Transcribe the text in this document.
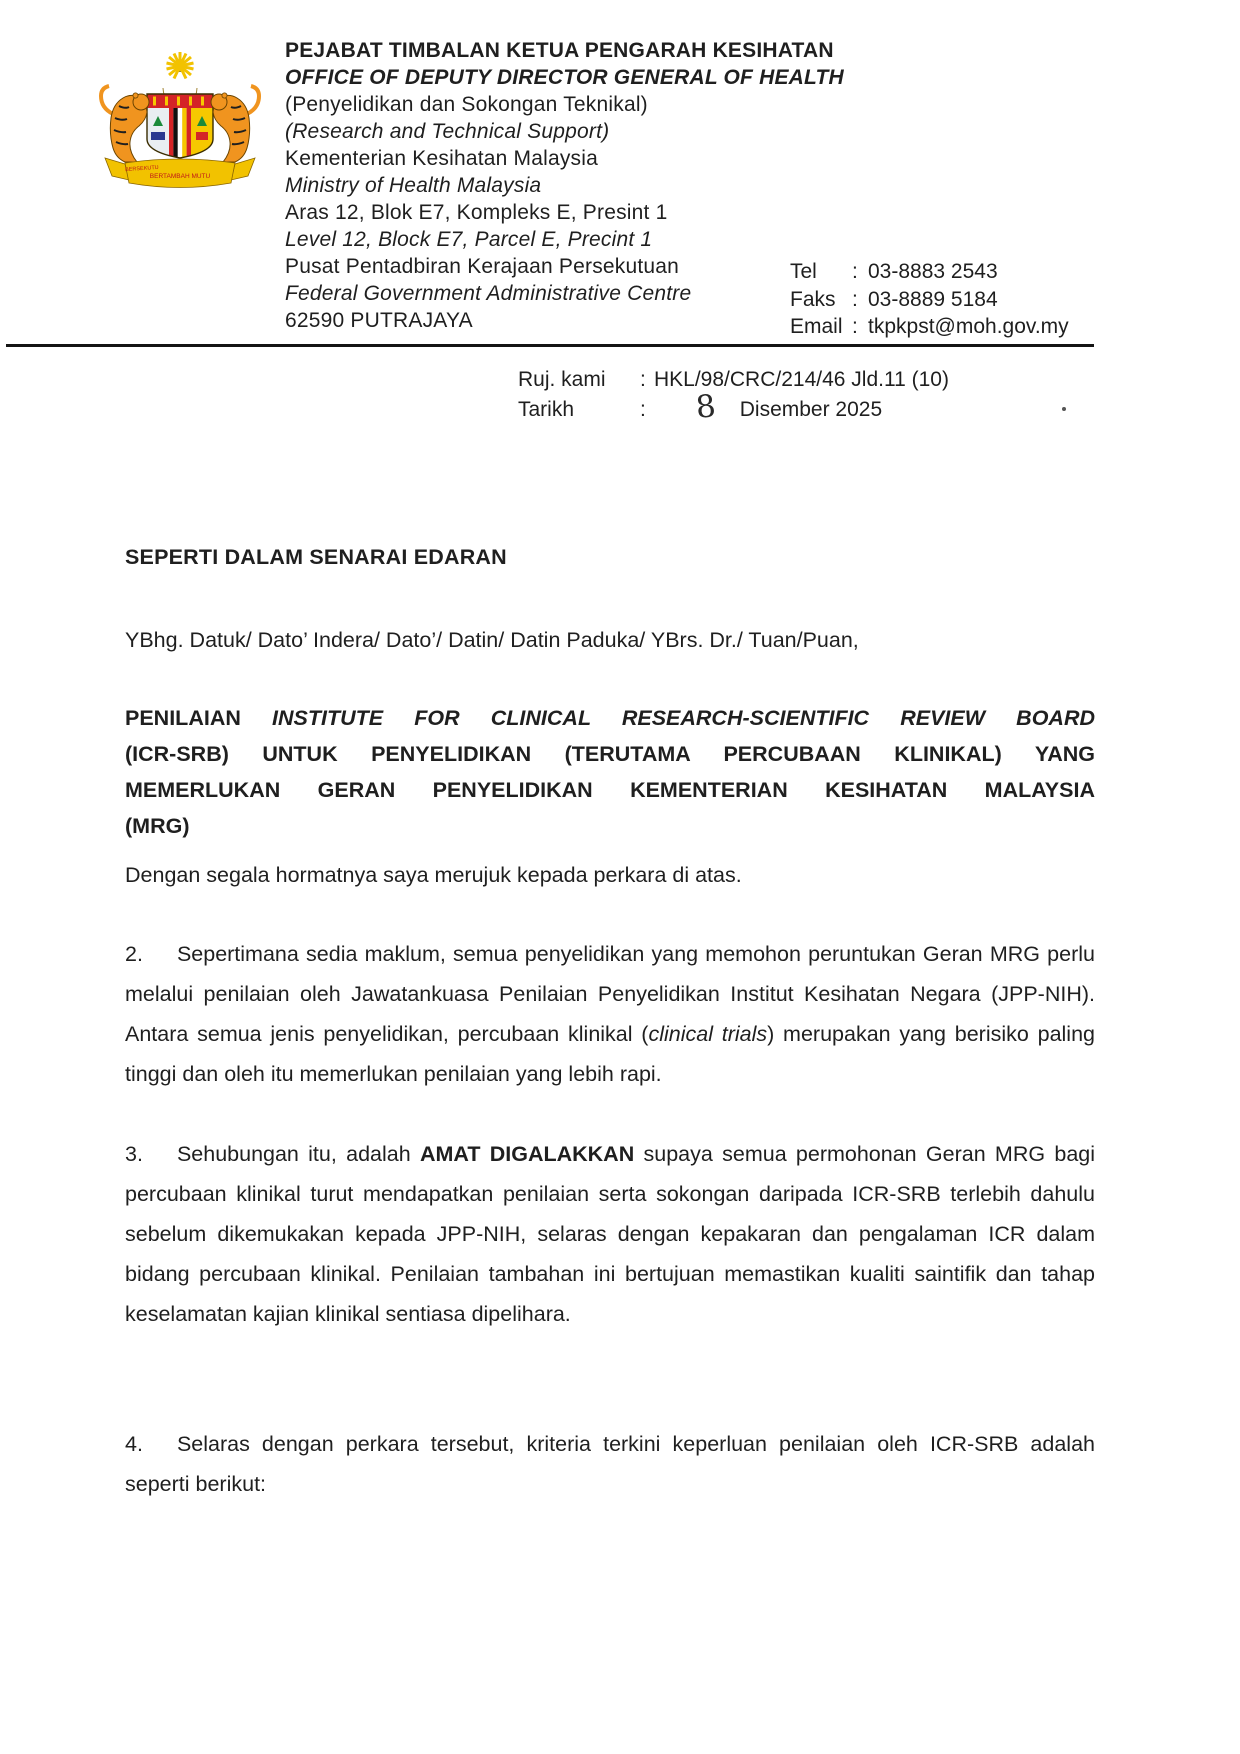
BERSEKUTU
BERTAMBAH MUTU
PEJABAT TIMBALAN KETUA PENGARAH KESIHATAN
OFFICE OF DEPUTY DIRECTOR GENERAL OF HEALTH
(Penyelidikan dan Sokongan Teknikal)
(Research and Technical Support)
Kementerian Kesihatan Malaysia
Ministry of Health Malaysia
Aras 12, Blok E7, Kompleks E, Presint 1
Level 12, Block E7, Parcel E, Precint 1
Pusat Pentadbiran Kerajaan Persekutuan
Federal Government Administrative Centre
62590 PUTRAJAYA
Tel	: 03-8883 2543
Faks : 03-8889 5184
Email : tkpkpst@moh.gov.my
Ruj. kami	: HKL/98/CRC/214/46 Jld.11 (10)
Tarikh	: 8 Disember 2025
SEPERTI DALAM SENARAI EDARAN
YBhg. Datuk/ Dato’ Indera/ Dato’/ Datin/ Datin Paduka/ YBrs. Dr./ Tuan/Puan,
PENILAIAN INSTITUTE FOR CLINICAL RESEARCH-SCIENTIFIC REVIEW BOARD
(ICR-SRB) UNTUK PENYELIDIKAN (TERUTAMA PERCUBAAN KLINIKAL) YANG
MEMERLUKAN GERAN PENYELIDIKAN KEMENTERIAN KESIHATAN MALAYSIA
(MRG)

Dengan segala hormatnya saya merujuk kepada perkara di atas.

2. Sepertimana sedia maklum, semua penyelidikan yang memohon peruntukan Geran MRG perlu melalui penilaian oleh Jawatankuasa Penilaian Penyelidikan Institut Kesihatan Negara (JPP-NIH). Antara semua jenis penyelidikan, percubaan klinikal (clinical trials) merupakan yang berisiko paling tinggi dan oleh itu memerlukan penilaian yang lebih rapi.

3. Sehubungan itu, adalah AMAT DIGALAKKAN supaya semua permohonan Geran MRG bagi percubaan klinikal turut mendapatkan penilaian serta sokongan daripada ICR-SRB terlebih dahulu sebelum dikemukakan kepada JPP-NIH, selaras dengan kepakaran dan pengalaman ICR dalam bidang percubaan klinikal. Penilaian tambahan ini bertujuan memastikan kualiti saintifik dan tahap keselamatan kajian klinikal sentiasa dipelihara.

4. Selaras dengan perkara tersebut, kriteria terkini keperluan penilaian oleh ICR-SRB adalah seperti berikut:
